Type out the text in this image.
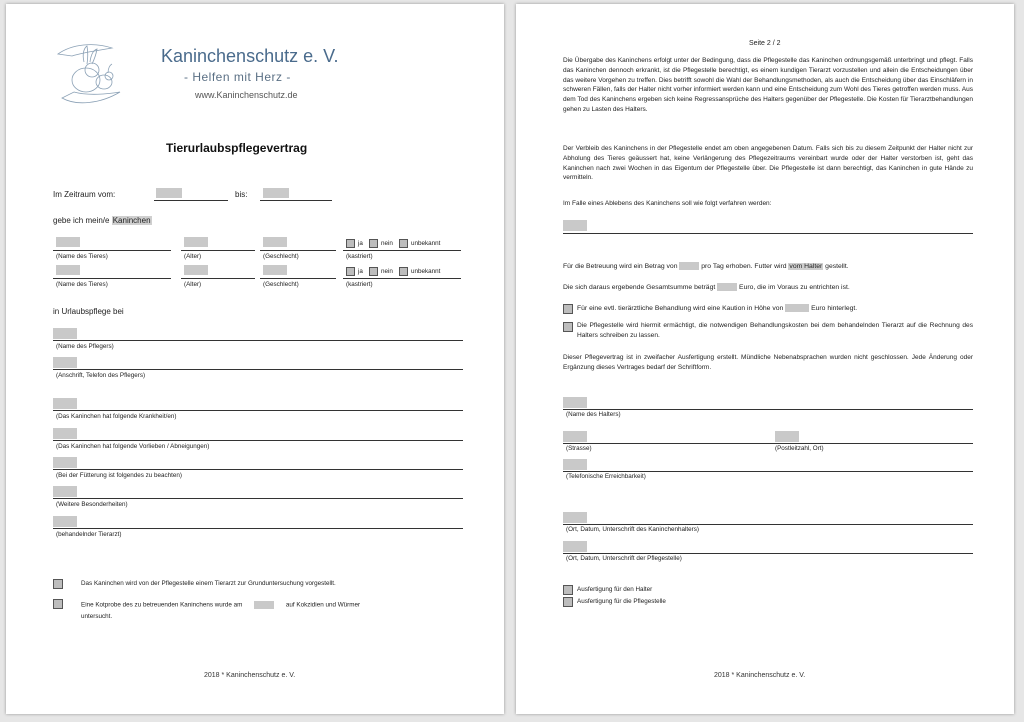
Kaninchenschutz e. V.
- Helfen mit Herz -
www.Kaninchenschutz.de
Tierurlaubspflegevertrag
Im Zeitraum vom:	bis:
gebe ich mein/e Kaninchen
(Name des Tieres)	(Alter)	(Geschlecht)
ja	nein	unbekannt
(kastriert)
(Name des Tieres)	(Alter)	(Geschlecht)
ja	nein	unbekannt
(kastriert)
in Urlaubspflege bei
(Name des Pflegers)
(Anschrift, Telefon des Pflegers)
(Das Kaninchen hat folgende Krankheit/en)
(Das Kaninchen hat folgende Vorlieben / Abneigungen)
(Bei der Fütterung ist folgendes zu beachten)
(Weitere Besonderheiten)
(behandelnder Tierarzt)
Das Kaninchen wird von der Pflegestelle einem Tierarzt zur Grunduntersuchung vorgestellt.
Eine Kotprobe des zu betreuenden Kaninchens wurde am	auf Kokzidien und Würmer
untersucht.
2018 * Kaninchenschutz e. V.
Seite 2 / 2
Die Übergabe des Kaninchens erfolgt unter der Bedingung, dass die Pflegestelle das Kaninchen ordnungsgemäß unterbringt und pflegt. Falls das Kaninchen dennoch erkrankt, ist die Pflegestelle berechtigt, es einem kundigen Tierarzt vorzustellen und allein die Entscheidungen über das weitere Vorgehen zu treffen. Dies betrifft sowohl die Wahl der Behandlungsmethoden, als auch die Entscheidung über das Einschläfern in schweren Fällen, falls der Halter nicht vorher informiert werden kann und eine Entscheidung zum Wohl des Tieres getroffen werden muss. Aus dem Tod des Kaninchens ergeben sich keine Regressansprüche des Halters gegenüber der Pflegestelle. Die Kosten für Tierarztbehandlungen gehen zu Lasten des Halters.
Der Verbleib des Kaninchens in der Pflegestelle endet am oben angegebenen Datum. Falls sich bis zu diesem Zeitpunkt der Halter nicht zur Abholung des Tieres geäussert hat, keine Verlängerung des Pflegezeitraums vereinbart wurde oder der Halter verstorben ist, geht das Kaninchen nach zwei Wochen in das Eigentum der Pflegestelle über. Die Pflegestelle ist dann berechtigt, das Kaninchen in gute Hände zu vermitteln.
Im Falle eines Ablebens des Kaninchens soll wie folgt verfahren werden:
Für die Betreuung wird ein Betrag von	pro Tag erhoben. Futter wird vom Halter gestellt.
Die sich daraus ergebende Gesamtsumme beträgt	Euro, die im Voraus zu entrichten ist.
Für eine evtl. tierärztliche Behandlung wird eine Kaution in Höhe von	Euro hinterlegt.
Die Pflegestelle wird hiermit ermächtigt, die notwendigen Behandlungskosten bei dem behandelnden Tierarzt auf die Rechnung des Halters schreiben zu lassen.
Dieser Pflegevertrag ist in zweifacher Ausfertigung erstellt. Mündliche Nebenabsprachen wurden nicht geschlossen. Jede Änderung oder Ergänzung dieses Vertrages bedarf der Schriftform.
(Name des Halters)
(Strasse)	(Postleitzahl, Ort)
(Telefonische Erreichbarkeit)
(Ort, Datum, Unterschrift des Kaninchenhalters)
(Ort, Datum, Unterschrift der Pflegestelle)
Ausfertigung für den Halter
Ausfertigung für die Pflegestelle
2018 * Kaninchenschutz e. V.
